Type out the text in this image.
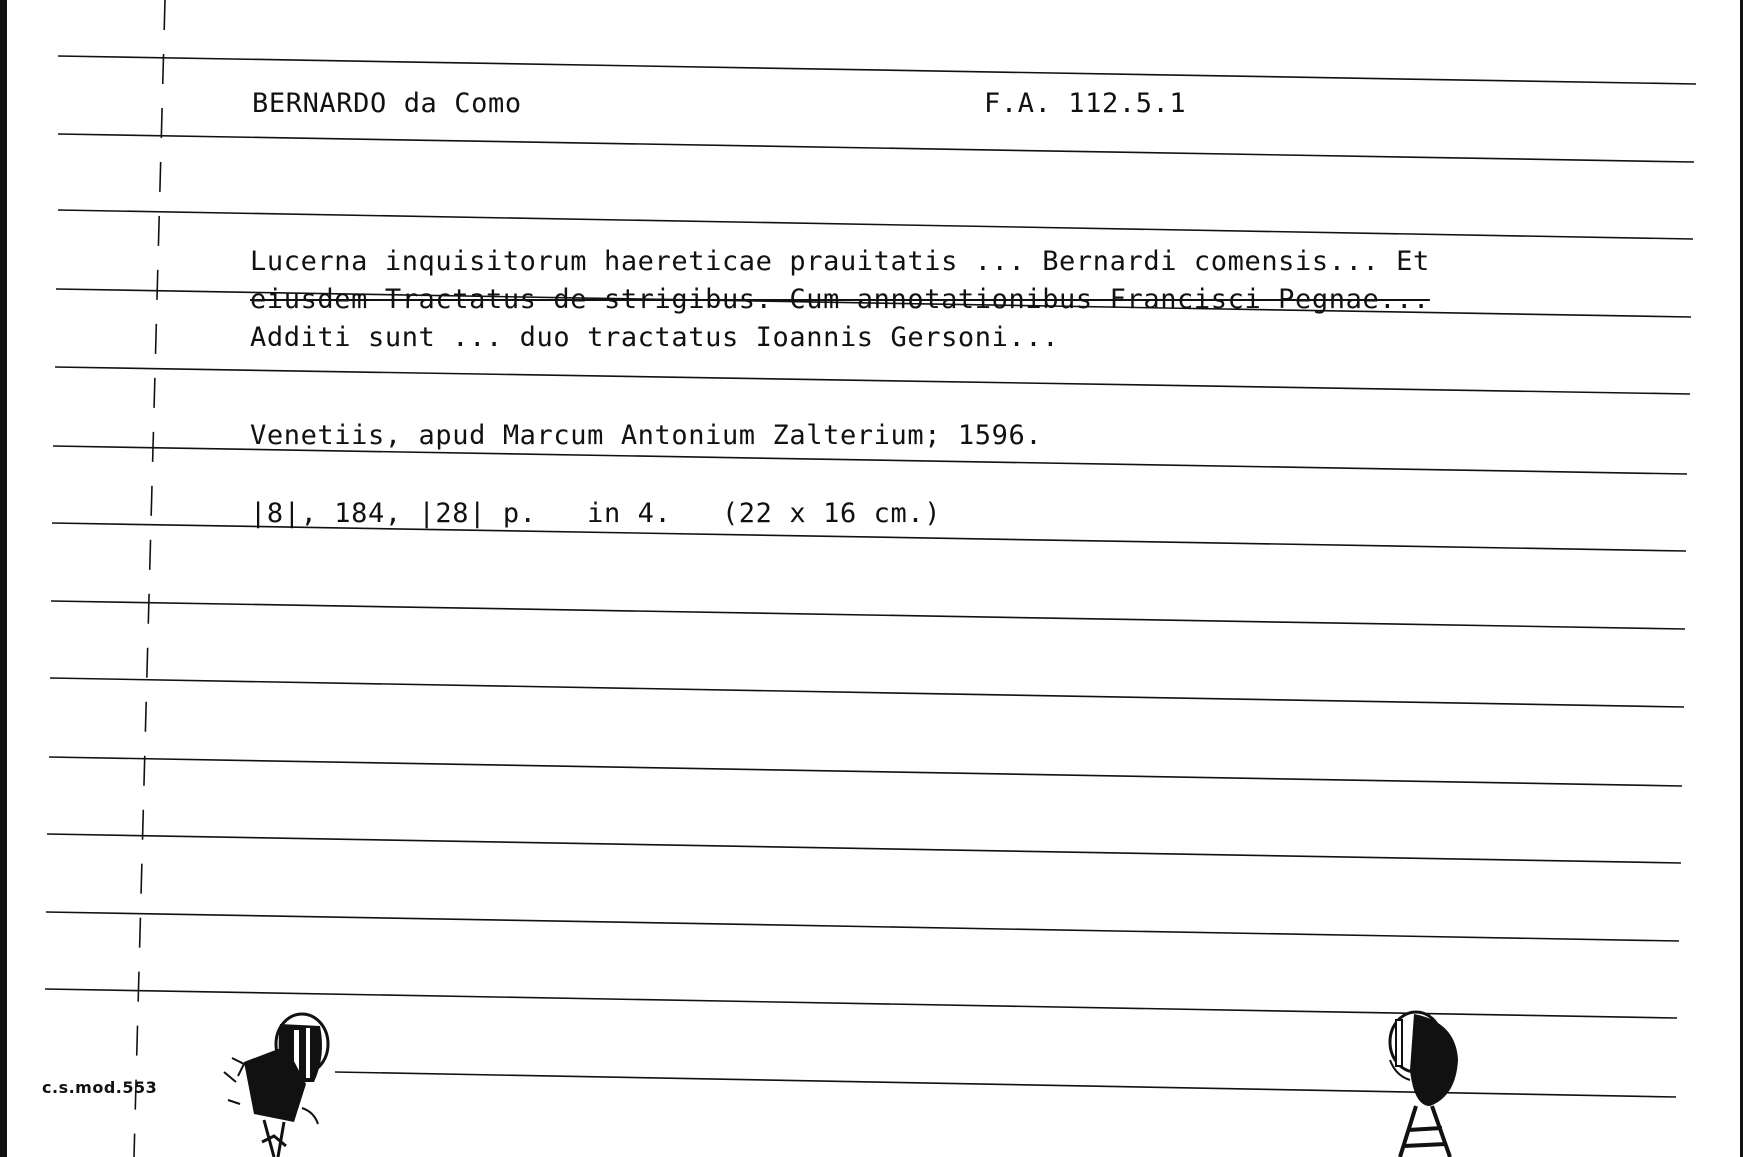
BERNARDO da Como	F.A. 112.5.1
Lucerna inquisitorum haereticae prauitatis ... Bernardi comensis... Et
eiusdem Tractatus de strigibus. Cum annotationibus Francisci Pegnae...
Additi sunt ... duo tractatus Ioannis Gersoni...
Venetiis, apud Marcum Antonium Zalterium; 1596.
|8|, 184, |28| p.   in 4.   (22 x 16 cm.)
c.s.mod.553
